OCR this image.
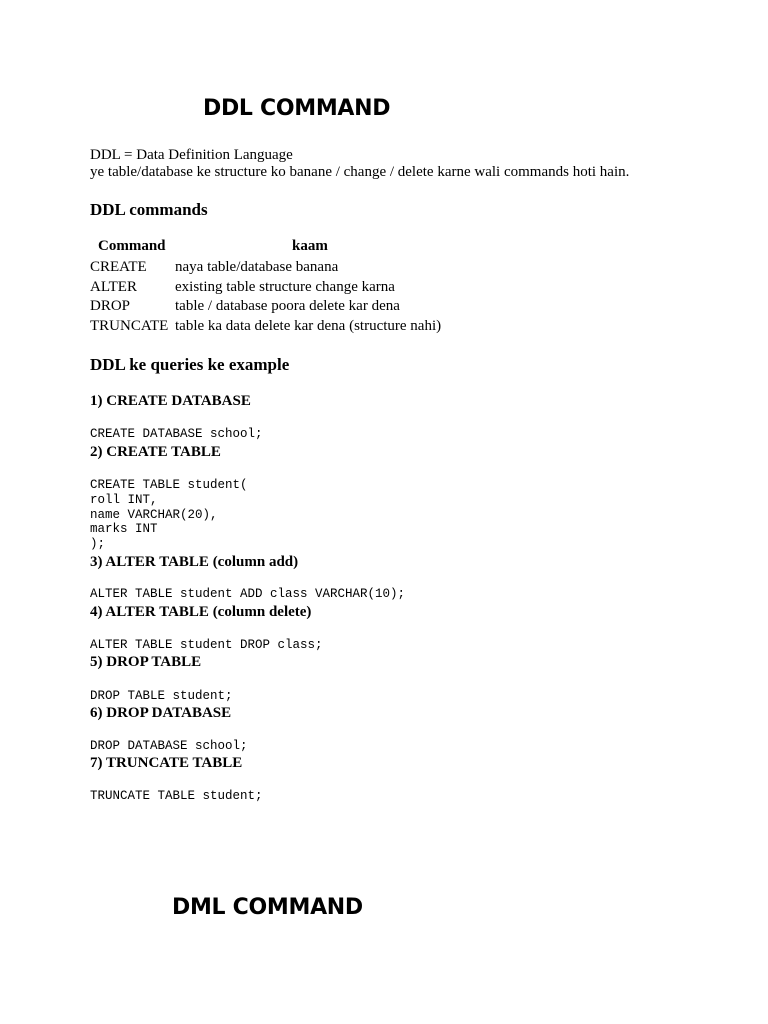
DDL COMMAND
DDL = Data Definition Language
ye table/database ke structure ko banane / change / delete karne wali commands hoti hain.
DDL commands
Command	kaam
CREATE naya table/database banana
ALTER	existing table structure change karna
DROP	table / database poora delete kar dena
TRUNCATE table ka data delete kar dena (structure nahi)
DDL ke queries ke example
1) CREATE DATABASE
CREATE DATABASE school;
2) CREATE TABLE
CREATE TABLE student(
roll INT,
name VARCHAR(20),
marks INT
);
3) ALTER TABLE (column add)
ALTER TABLE student ADD class VARCHAR(10);
4) ALTER TABLE (column delete)
ALTER TABLE student DROP class;
5) DROP TABLE
DROP TABLE student;
6) DROP DATABASE
DROP DATABASE school;
7) TRUNCATE TABLE
TRUNCATE TABLE student;
DML COMMAND
